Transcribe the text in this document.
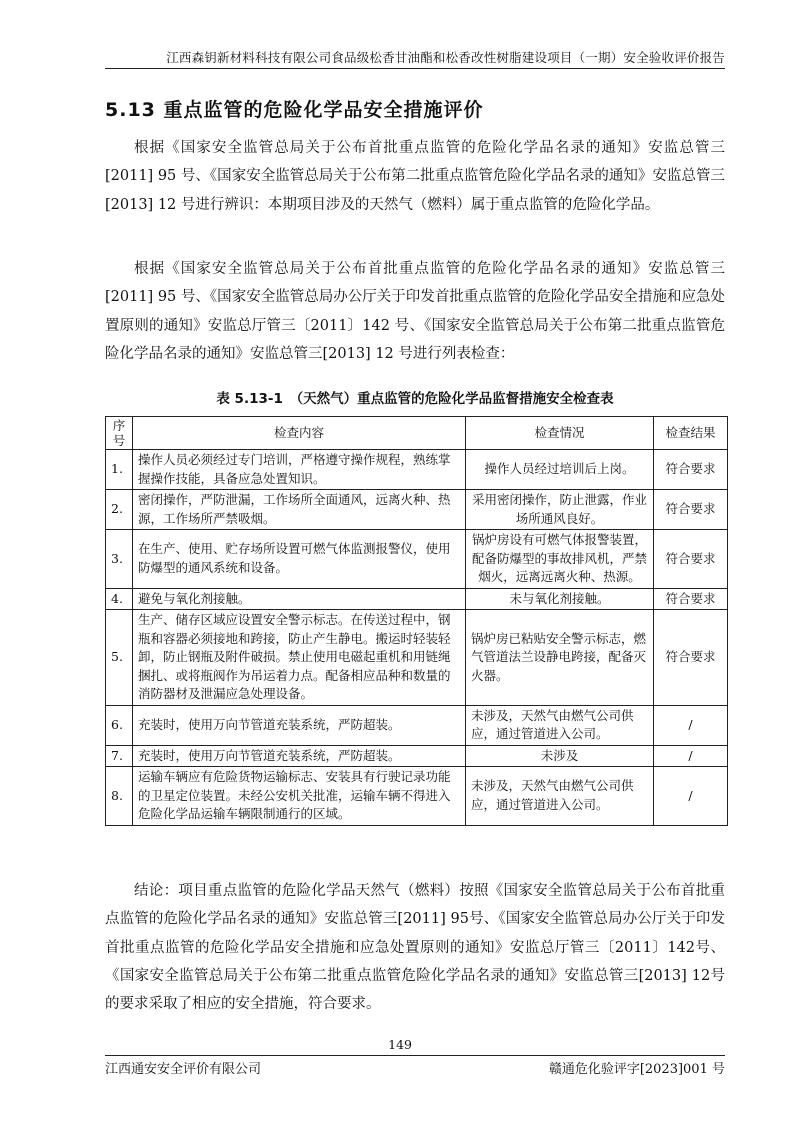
江西森钥新材料科技有限公司食品级松香甘油酯和松香改性树脂建设项目（一期）安全验收评价报告
5.13 重点监管的危险化学品安全措施评价

根据《国家安全监管总局关于公布首批重点监管的危险化学品名录的通知》安监总管三[2011] 95 号、《国家安全监管总局关于公布第二批重点监管危险化学品名录的通知》安监总管三[2013] 12 号进行辨识：本期项目涉及的天然气（燃料）属于重点监管的危险化学品。

根据《国家安全监管总局关于公布首批重点监管的危险化学品名录的通知》安监总管三[2011] 95 号、《国家安全监管总局办公厅关于印发首批重点监管的危险化学品安全措施和应急处置原则的通知》安监总厅管三〔2011〕142 号、《国家安全监管总局关于公布第二批重点监管危险化学品名录的通知》安监总管三[2013] 12 号进行列表检查：

表 5.13-1　（天然气）重点监管的危险化学品监督措施安全检查表
序号	检查内容	检查情况	检查结果
1.	操作人员必须经过专门培训，严格遵守操作规程，熟练掌握操作技能，具备应急处置知识。	操作人员经过培训后上岗。	符合要求
2.	密闭操作，严防泄漏，工作场所全面通风，远离火种、热源，工作场所严禁吸烟。	采用密闭操作，防止泄露，作业场所通风良好。	符合要求
3.	在生产、使用、贮存场所设置可燃气体监测报警仪，使用防爆型的通风系统和设备。	锅炉房设有可燃气体报警装置，配备防爆型的事故排风机，严禁烟火，远离远离火种、热源。	符合要求
4.	避免与氧化剂接触。	未与氧化剂接触。	符合要求
5.	生产、储存区域应设置安全警示标志。在传送过程中，钢瓶和容器必须接地和跨接，防止产生静电。搬运时轻装轻卸，防止钢瓶及附件破损。禁止使用电磁起重机和用链绳捆扎、或将瓶阀作为吊运着力点。配备相应品种和数量的消防器材及泄漏应急处理设备。	锅炉房已粘贴安全警示标志，燃气管道法兰设静电跨接，配备灭火器。	符合要求
6.	充装时，使用万向节管道充装系统，严防超装。	未涉及，天然气由燃气公司供应，通过管道进入公司。	/
7.	充装时，使用万向节管道充装系统，严防超装。	未涉及	/
8.	运输车辆应有危险货物运输标志、安装具有行驶记录功能的卫星定位装置。未经公安机关批准，运输车辆不得进入危险化学品运输车辆限制通行的区域。	未涉及，天然气由燃气公司供应，通过管道进入公司。	/

结论：项目重点监管的危险化学品天然气（燃料）按照《国家安全监管总局关于公布首批重点监管的危险化学品名录的通知》安监总管三[2011] 95号、《国家安全监管总局办公厅关于印发首批重点监管的危险化学品安全措施和应急处置原则的通知》安监总厅管三〔2011〕142号、《国家安全监管总局关于公布第二批重点监管危险化学品名录的通知》安监总管三[2013] 12号的要求采取了相应的安全措施，符合要求。

149
江西通安安全评价有限公司	赣通危化验评字[2023]001 号
